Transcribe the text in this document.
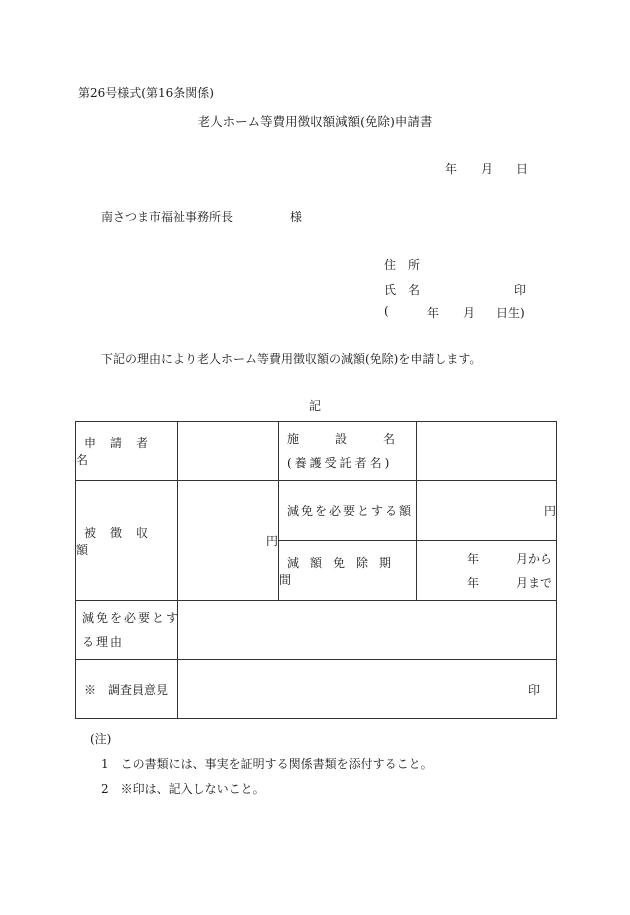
第26号様式(第16条関係)
老人ホーム等費用徴収額減額(免除)申請書
年 月 日
南さつま市福祉事務所長	様
住　所
氏　名	印
(	年 月 日生)
下記の理由により老人ホーム等費用徴収額の減額(免除)を申請します。
記
申請者名		施　　　設　　　名
(養護受託者名)	

被徴収額	円	減免を必要とする額	円
		減額免除期間	年 月から
年 月まで

減免を必要とする理由			

※　調査員意見	印		
(注)
1　この書類には、事実を証明する関係書類を添付すること。
2　※印は、記入しないこと。
